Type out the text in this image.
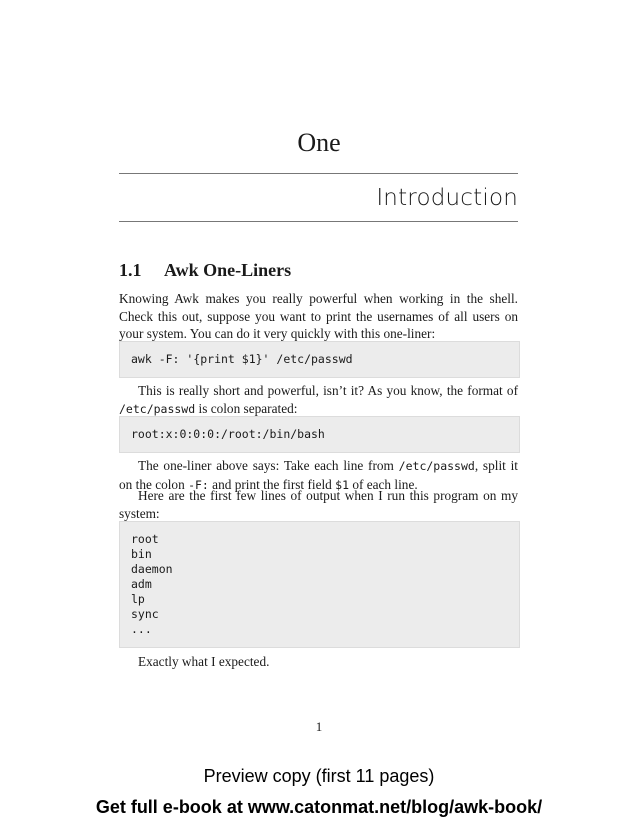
One
Introduction
1.1 Awk One-Liners

Knowing Awk makes you really powerful when working in the shell. Check this out, suppose you want to print the usernames of all users on your system. You can do it very quickly with this one-liner:

awk -F: '{print $1}' /etc/passwd

This is really short and powerful, isn’t it? As you know, the format of /etc/passwd is colon separated:

root:x:0:0:0:/root:/bin/bash

The one-liner above says: Take each line from /etc/passwd, split it on the colon -F: and print the first field $1 of each line.

Here are the first few lines of output when I run this program on my system:

root
bin
daemon
adm
lp
sync
...

Exactly what I expected.

1
Preview copy (first 11 pages)
Get full e-book at www.catonmat.net/blog/awk-book/
